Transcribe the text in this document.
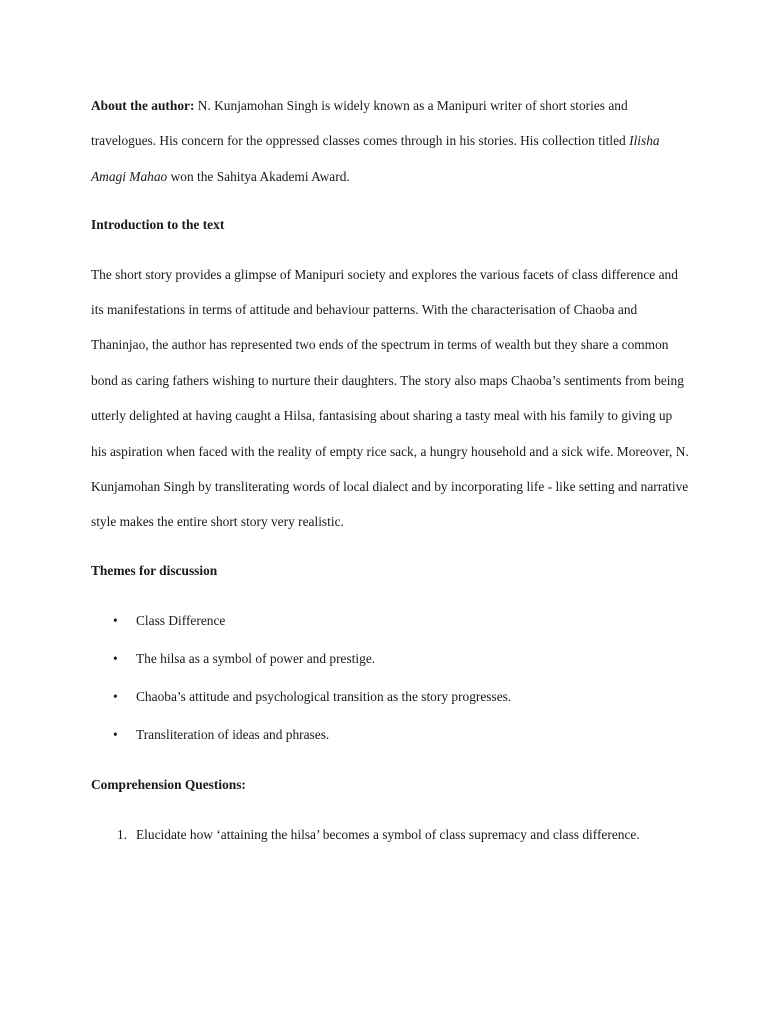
About the author: N. Kunjamohan Singh is widely known as a Manipuri writer of short stories and travelogues. His concern for the oppressed classes comes through in his stories. His collection titled Ilisha Amagi Mahao won the Sahitya Akademi Award.

Introduction to the text

The short story provides a glimpse of Manipuri society and explores the various facets of class difference and its manifestations in terms of attitude and behaviour patterns. With the characterisation of Chaoba and Thaninjao, the author has represented two ends of the spectrum in terms of wealth but they share a common bond as caring fathers wishing to nurture their daughters. The story also maps Chaoba’s sentiments from being utterly delighted at having caught a Hilsa, fantasising about sharing a tasty meal with his family to giving up his aspiration when faced with the reality of empty rice sack, a hungry household and a sick wife. Moreover, N. Kunjamohan Singh by transliterating words of local dialect and by incorporating life - like setting and narrative style makes the entire short story very realistic.

Themes for discussion

• Class Difference
• The hilsa as a symbol of power and prestige.
• Chaoba’s attitude and psychological transition as the story progresses.
• Transliteration of ideas and phrases.

Comprehension Questions:

1. Elucidate how ‘attaining the hilsa’ becomes a symbol of class supremacy and class difference.
